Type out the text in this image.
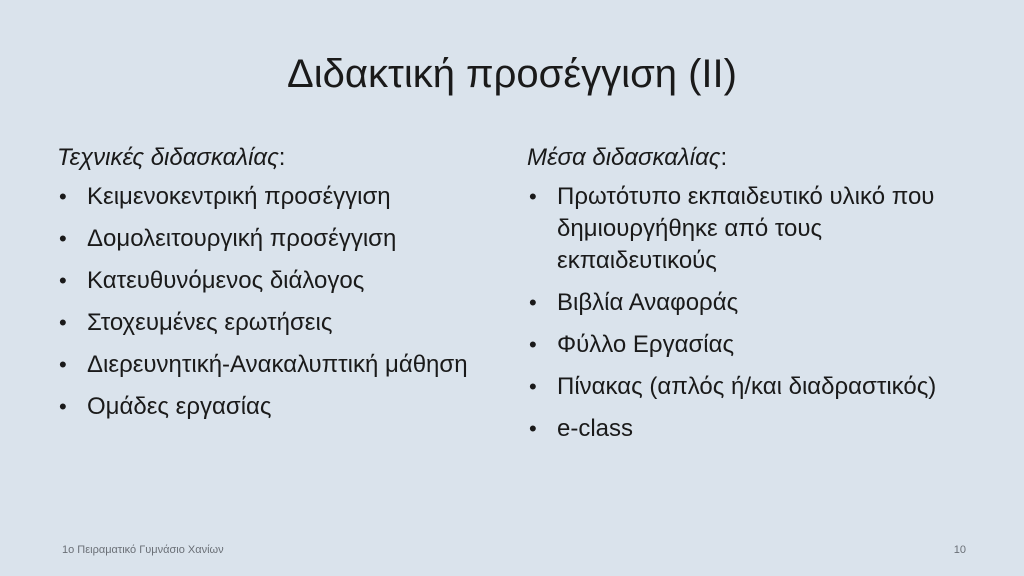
Διδακτική προσέγγιση (ΙΙ)

Τεχνικές διδασκαλίας:

• Κειμενοκεντρική προσέγγιση
• Δομολειτουργική προσέγγιση
• Κατευθυνόμενος διάλογος
• Στοχευμένες ερωτήσεις
• Διερευνητική-Ανακαλυπτική μάθηση
• Ομάδες εργασίας

Μέσα διδασκαλίας:

• Πρωτότυπο εκπαιδευτικό υλικό που δημιουργήθηκε από τους εκπαιδευτικούς
• Βιβλία Αναφοράς
• Φύλλο Εργασίας
• Πίνακας (απλός ή/και διαδραστικός)
• e-class
1ο Πειραματικό Γυμνάσιο Χανίων	10
